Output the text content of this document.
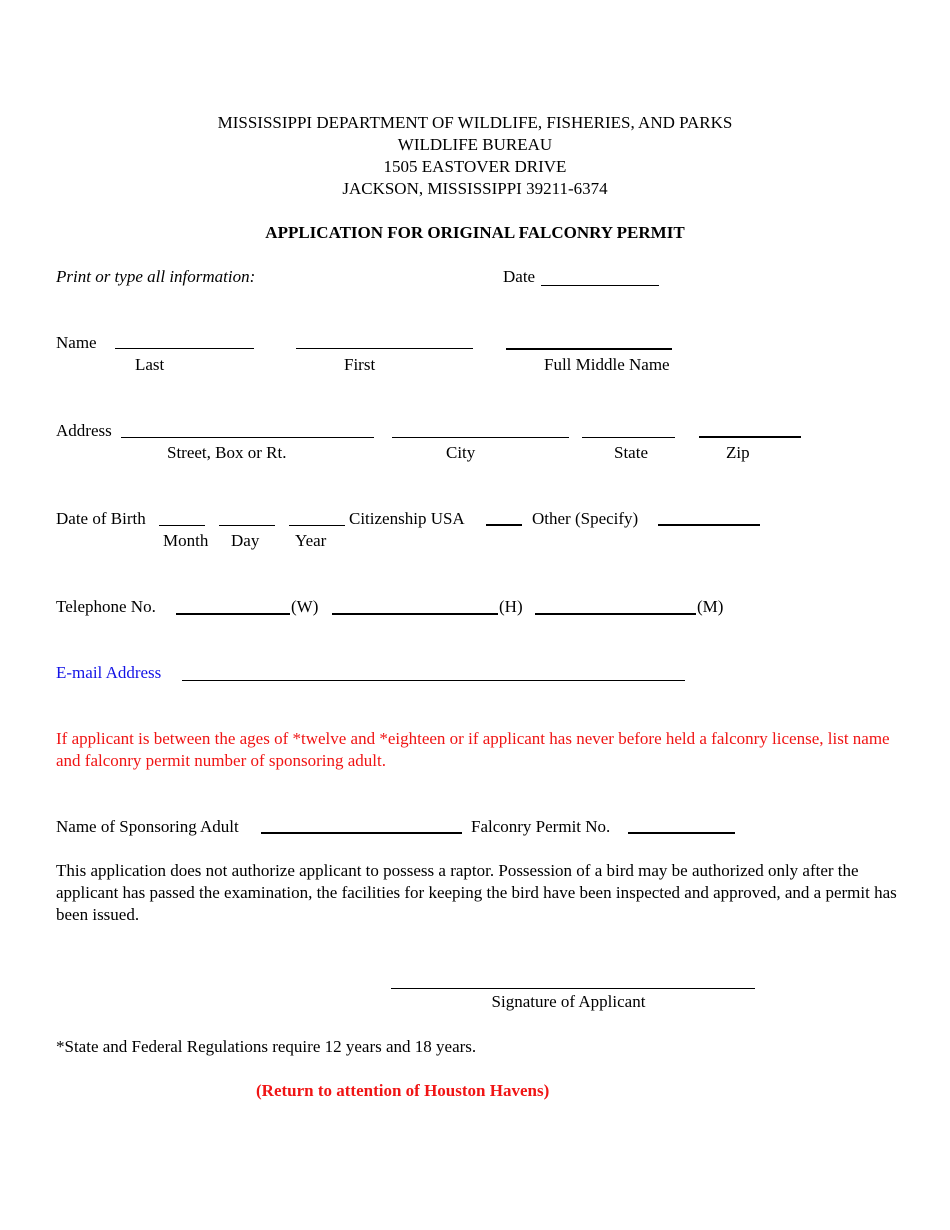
MISSISSIPPI DEPARTMENT OF WILDLIFE, FISHERIES, AND PARKS
WILDLIFE BUREAU
1505 EASTOVER DRIVE
JACKSON, MISSISSIPPI 39211-6374
APPLICATION FOR ORIGINAL FALCONRY PERMIT
Print or type all information:	Date
Name
Last	First	Full Middle Name
Address
Street, Box or Rt.	City	State	Zip
Date of Birth	Citizenship USA	Other (Specify)
Month Day Year
Telephone No.	(W)	(H)	(M)
E-mail Address
If applicant is between the ages of *twelve and *eighteen or if applicant has never before held a falconry license, list name and falconry permit number of sponsoring adult.
Name of Sponsoring Adult	Falconry Permit No.
This application does not authorize applicant to possess a raptor. Possession of a bird may be authorized only after the applicant has passed the examination, the facilities for keeping the bird have been inspected and approved, and a permit has been issued.
Signature of Applicant
*State and Federal Regulations require 12 years and 18 years.
(Return to attention of Houston Havens)
